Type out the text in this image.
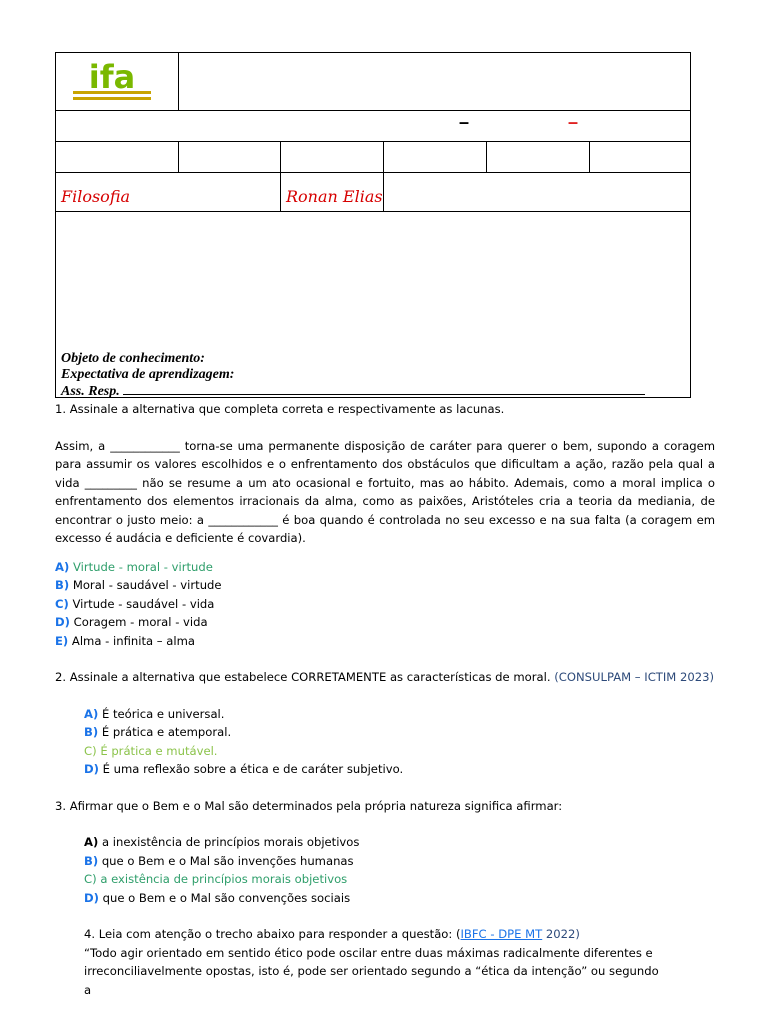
ifa
–	–
Filosofia	Ronan Elias
Objeto de conhecimento:
Expectativa de aprendizagem:
Ass. Resp.

1. Assinale a alternativa que completa correta e respectivamente as lacunas.

Assim, a ____________ torna-se uma permanente disposição de caráter para querer o bem, supondo a coragem para assumir os valores escolhidos e o enfrentamento dos obstáculos que dificultam a ação, razão pela qual a vida _________ não se resume a um ato ocasional e fortuito, mas ao hábito. Ademais, como a moral implica o enfrentamento dos elementos irracionais da alma, como as paixões, Aristóteles cria a teoria da mediania, de encontrar o justo meio: a ____________ é boa quando é controlada no seu excesso e na sua falta (a coragem em excesso é audácia e deficiente é covardia).

A) Virtude - moral - virtude

B) Moral - saudável - virtude

C) Virtude - saudável - vida

D) Coragem - moral - vida

E) Alma - infinita – alma

2. Assinale a alternativa que estabelece CORRETAMENTE as características de moral. (CONSULPAM – ICTIM 2023)

A) É teórica e universal.

B) É prática e atemporal.

C) É prática e mutável.

D) É uma reflexão sobre a ética e de caráter subjetivo.

3. Afirmar que o Bem e o Mal são determinados pela própria natureza significa afirmar:

A) a inexistência de princípios morais objetivos

B) que o Bem e o Mal são invenções humanas

C) a existência de princípios morais objetivos

D) que o Bem e o Mal são convenções sociais

4. Leia com atenção o trecho abaixo para responder a questão: (IBFC - DPE MT 2022)

“Todo agir orientado em sentido ético pode oscilar entre duas máximas radicalmente diferentes e irreconciliavelmente opostas, isto é, pode ser orientado segundo a “ética da intenção” ou segundo a
